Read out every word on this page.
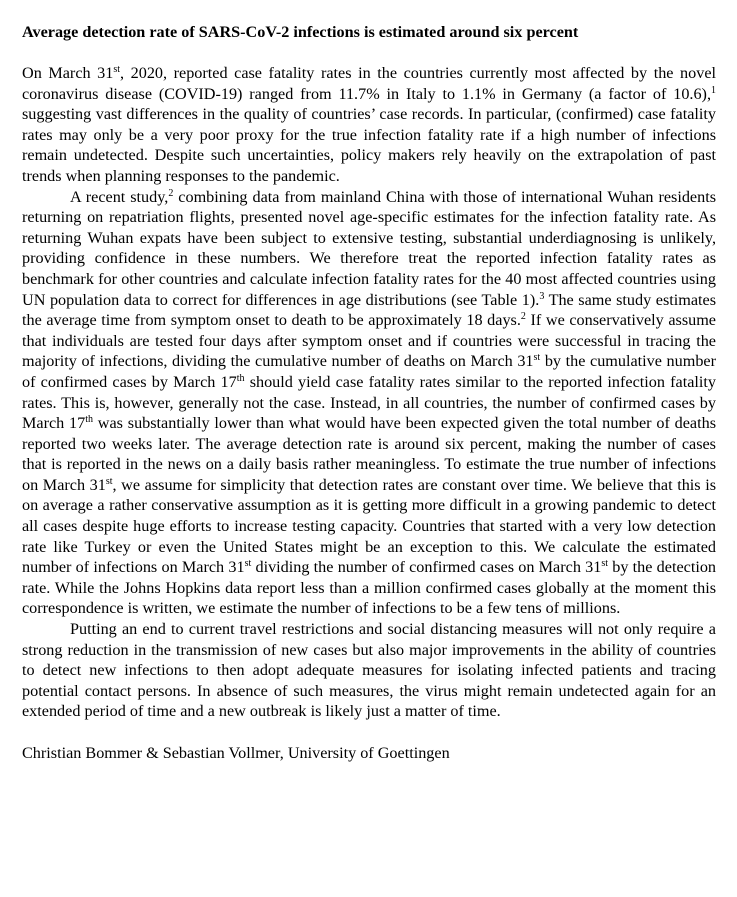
Average detection rate of SARS-CoV-2 infections is estimated around six percent

On March 31st, 2020, reported case fatality rates in the countries currently most affected by the novel coronavirus disease (COVID-19) ranged from 11.7% in Italy to 1.1% in Germany (a factor of 10.6),$^1$ suggesting vast differences in the quality of countries’ case records. In particular, (confirmed) case fatality rates may only be a very poor proxy for the true infection fatality rate if a high number of infections remain undetected. Despite such uncertainties, policy makers rely heavily on the extrapolation of past trends when planning responses to the pandemic.

A recent study,$^2$ combining data from mainland China with those of international Wuhan residents returning on repatriation flights, presented novel age-specific estimates for the infection fatality rate. As returning Wuhan expats have been subject to extensive testing, substantial underdiagnosing is unlikely, providing confidence in these numbers. We therefore treat the reported infection fatality rates as benchmark for other countries and calculate infection fatality rates for the 40 most affected countries using UN population data to correct for differences in age distributions (see Table 1).$^3$ The same study estimates the average time from symptom onset to death to be approximately 18 days.$^2$ If we conservatively assume that individuals are tested four days after symptom onset and if countries were successful in tracing the majority of infections, dividing the cumulative number of deaths on March 31st by the cumulative number of confirmed cases by March 17th should yield case fatality rates similar to the reported infection fatality rates. This is, however, generally not the case. Instead, in all countries, the number of confirmed cases by March 17th was substantially lower than what would have been expected given the total number of deaths reported two weeks later. The average detection rate is around six percent, making the number of cases that is reported in the news on a daily basis rather meaningless. To estimate the true number of infections on March 31st, we assume for simplicity that detection rates are constant over time. We believe that this is on average a rather conservative assumption as it is getting more difficult in a growing pandemic to detect all cases despite huge efforts to increase testing capacity. Countries that started with a very low detection rate like Turkey or even the United States might be an exception to this. We calculate the estimated number of infections on March 31st dividing the number of confirmed cases on March 31st by the detection rate. While the Johns Hopkins data report less than a million confirmed cases globally at the moment this correspondence is written, we estimate the number of infections to be a few tens of millions.

Putting an end to current travel restrictions and social distancing measures will not only require a strong reduction in the transmission of new cases but also major improvements in the ability of countries to detect new infections to then adopt adequate measures for isolating infected patients and tracing potential contact persons. In absence of such measures, the virus might remain undetected again for an extended period of time and a new outbreak is likely just a matter of time.

Christian Bommer & Sebastian Vollmer, University of Goettingen
